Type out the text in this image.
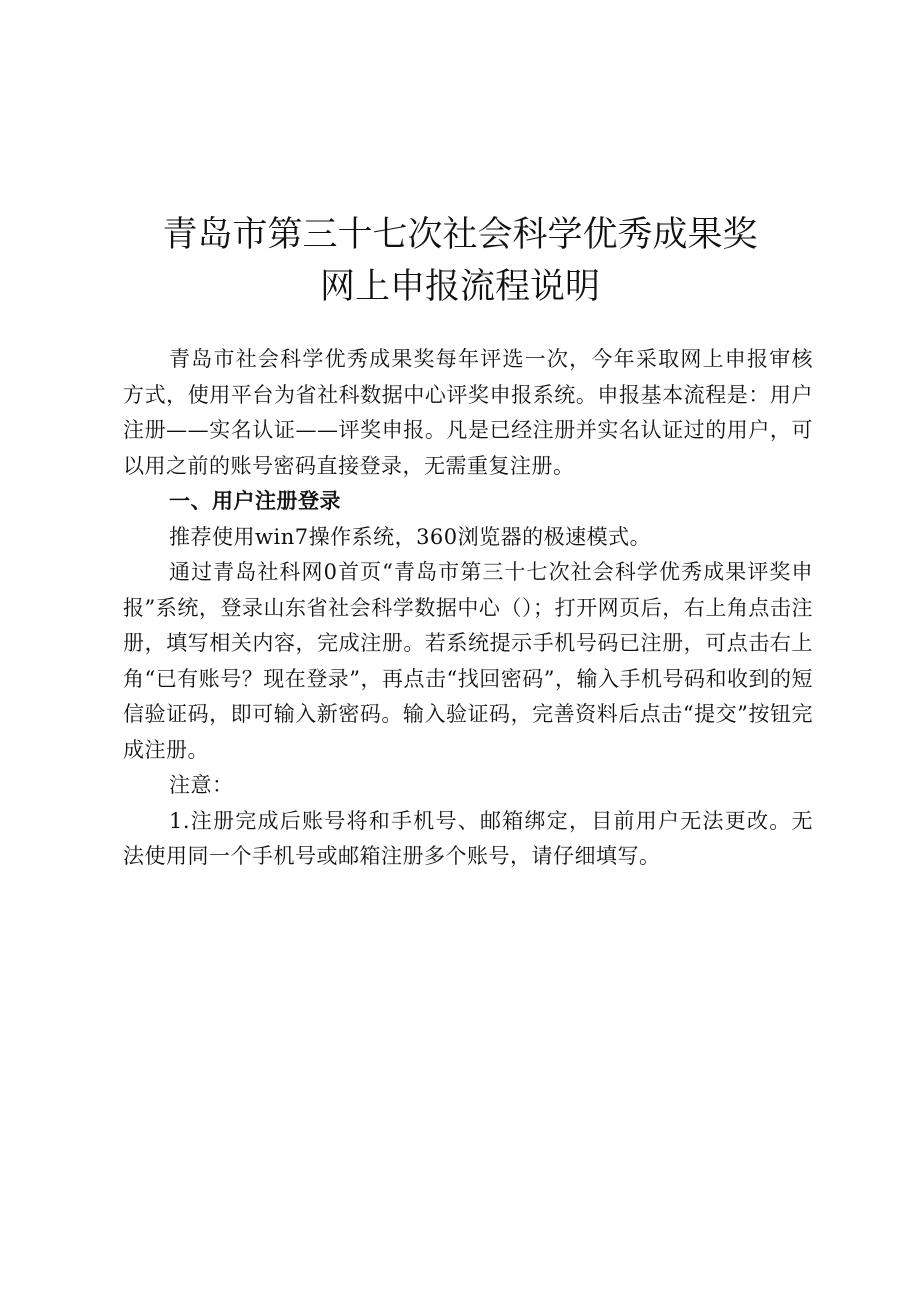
青岛市第三十七次社会科学优秀成果奖
网上申报流程说明

青岛市社会科学优秀成果奖每年评选一次，今年采取网上申报审核方式，使用平台为省社科数据中心评奖申报系统。申报基本流程是：用户注册——实名认证——评奖申报。凡是已经注册并实名认证过的用户，可以用之前的账号密码直接登录，无需重复注册。

一、用户注册登录

推荐使用win7操作系统，360浏览器的极速模式。

通过青岛社科网0首页“青岛市第三十七次社会科学优秀成果评奖申报”系统，登录山东省社会科学数据中心（）；打开网页后，右上角点击注册，填写相关内容，完成注册。若系统提示手机号码已注册，可点击右上角“已有账号？现在登录”，再点击“找回密码”，输入手机号码和收到的短信验证码，即可输入新密码。输入验证码，完善资料后点击“提交”按钮完成注册。

注意：

1.注册完成后账号将和手机号、邮箱绑定，目前用户无法更改。无法使用同一个手机号或邮箱注册多个账号，请仔细填写。
